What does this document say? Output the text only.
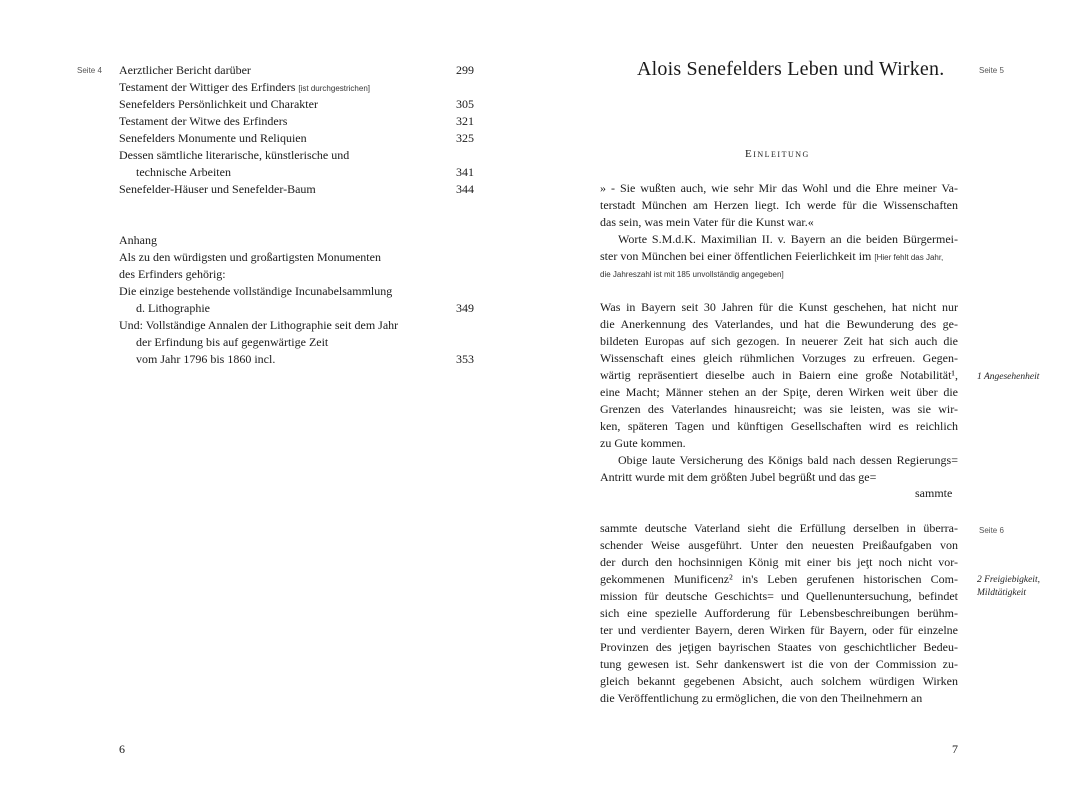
Seite 4 Aerztlicher Bericht darüber	299
Testament der Wittiger des Erfinders [ist durchgestrichen]
Senefelders Persönlichkeit und Charakter	305
Testament der Witwe des Erfinders	321
Senefelders Monumente und Reliquien	325
Dessen sämtliche literarische, künstlerische und
technische Arbeiten	341
Senefelder-Häuser und Senefelder-Baum	344
Anhang
Als zu den würdigsten und großartigsten Monumenten
des Erfinders gehörig:
Die einzige bestehende vollständige Incunabelsammlung
d. Lithographie	349
Und: Vollständige Annalen der Lithographie seit dem Jahr
der Erfindung bis auf gegenwärtige Zeit
vom Jahr 1796 bis 1860 incl.	353
6
Alois Senefelders Leben und Wirken.	Seite 5
Einleitung
» - Sie wußten auch, wie sehr Mir das Wohl und die Ehre meiner Va-
terstadt München am Herzen liegt. Ich werde für die Wissenschaften
das sein, was mein Vater für die Kunst war.«
Worte S.M.d.K. Maximilian II. v. Bayern an die beiden Bürgermei-
ster von München bei einer öffentlichen Feierlichkeit im [Hier fehlt das Jahr,
die Jahreszahl ist mit 185 unvollständig angegeben]
Was in Bayern seit 30 Jahren für die Kunst geschehen, hat nicht nur
die Anerkennung des Vaterlandes, und hat die Bewunderung des ge-
bildeten Europas auf sich gezogen. In neuerer Zeit hat sich auch die
Wissenschaft eines gleich rühmlichen Vorzuges zu erfreuen. Gegen-
wärtig repräsentiert dieselbe auch in Baiern eine große Notabilität¹,
eine Macht; Männer stehen an der Spiţe, deren Wirken weit über die
Grenzen des Vaterlandes hinausreicht; was sie leisten, was sie wir-
ken, späteren Tagen und künftigen Gesellschaften wird es reichlich
zu Gute kommen.
Obige laute Versicherung des Königs bald nach dessen Regierungs=
Antritt wurde mit dem größten Jubel begrüßt und das ge=
sammte
1 Angesehenheit
Seite 6
2 Freigiebigkeit,
Mildtätigkeit
sammte deutsche Vaterland sieht die Erfüllung derselben in überra-
schender Weise ausgeführt. Unter den neuesten Preißaufgaben von
der durch den hochsinnigen König mit einer bis jeţt noch nicht vor-
gekommenen Munificenz² in's Leben gerufenen historischen Com-
mission für deutsche Geschichts= und Quellenuntersuchung, befindet
sich eine spezielle Aufforderung für Lebensbeschreibungen berühm-
ter und verdienter Bayern, deren Wirken für Bayern, oder für einzelne
Provinzen des jeţigen bayrischen Staates von geschichtlicher Bedeu-
tung gewesen ist. Sehr dankenswert ist die von der Commission zu-
gleich bekannt gegebenen Absicht, auch solchem würdigen Wirken
die Veröffentlichung zu ermöglichen, die von den Theilnehmern an
7
